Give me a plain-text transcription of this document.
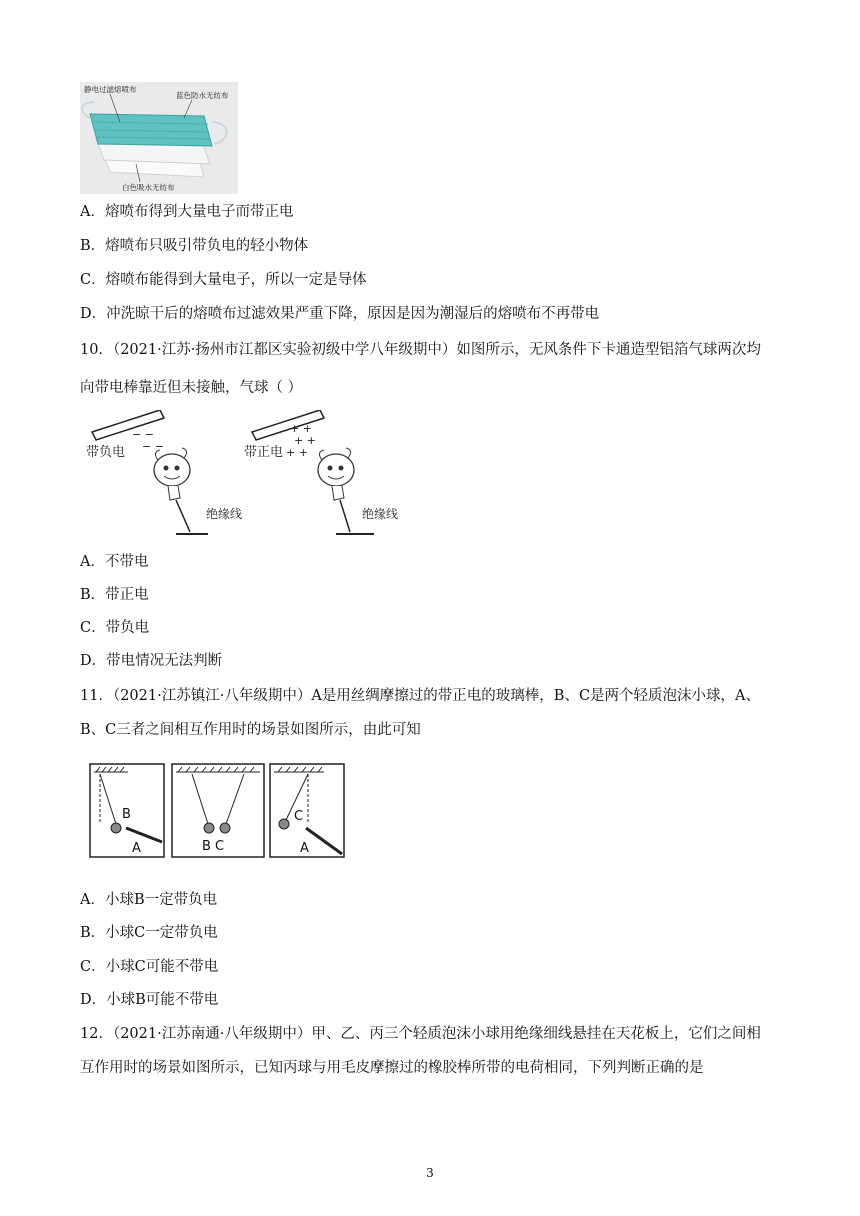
静电过滤熔喷布
蓝色防水无纺布
白色吸水无纺布
A．熔喷布得到大量电子而带正电
B．熔喷布只吸引带负电的轻小物体
C．熔喷布能得到大量电子，所以一定是导体
D．冲洗晾干后的熔喷布过滤效果严重下降，原因是因为潮湿后的熔喷布不再带电
10．（2021·江苏·扬州市江都区实验初级中学八年级期中）如图所示，无风条件下卡通造型铝箔气球两次均
向带电棒靠近但未接触，气球（ ）
− −
− −
带负电
绝缘线
+ +
+ +
+ +
带正电
绝缘线
A．不带电
B．带正电
C．带负电
D．带电情况无法判断
11．（2021·江苏镇江·八年级期中）A是用丝绸摩擦过的带正电的玻璃棒，B、C是两个轻质泡沫小球，A、
B、C三者之间相互作用时的场景如图所示，由此可知
B
A	B C
C
A
A．小球B一定带负电
B．小球C一定带负电
C．小球C可能不带电
D．小球B可能不带电
12．（2021·江苏南通·八年级期中）甲、乙、丙三个轻质泡沫小球用绝缘细线悬挂在天花板上，它们之间相
互作用时的场景如图所示，已知丙球与用毛皮摩擦过的橡胶棒所带的电荷相同，下列判断正确的是
3
